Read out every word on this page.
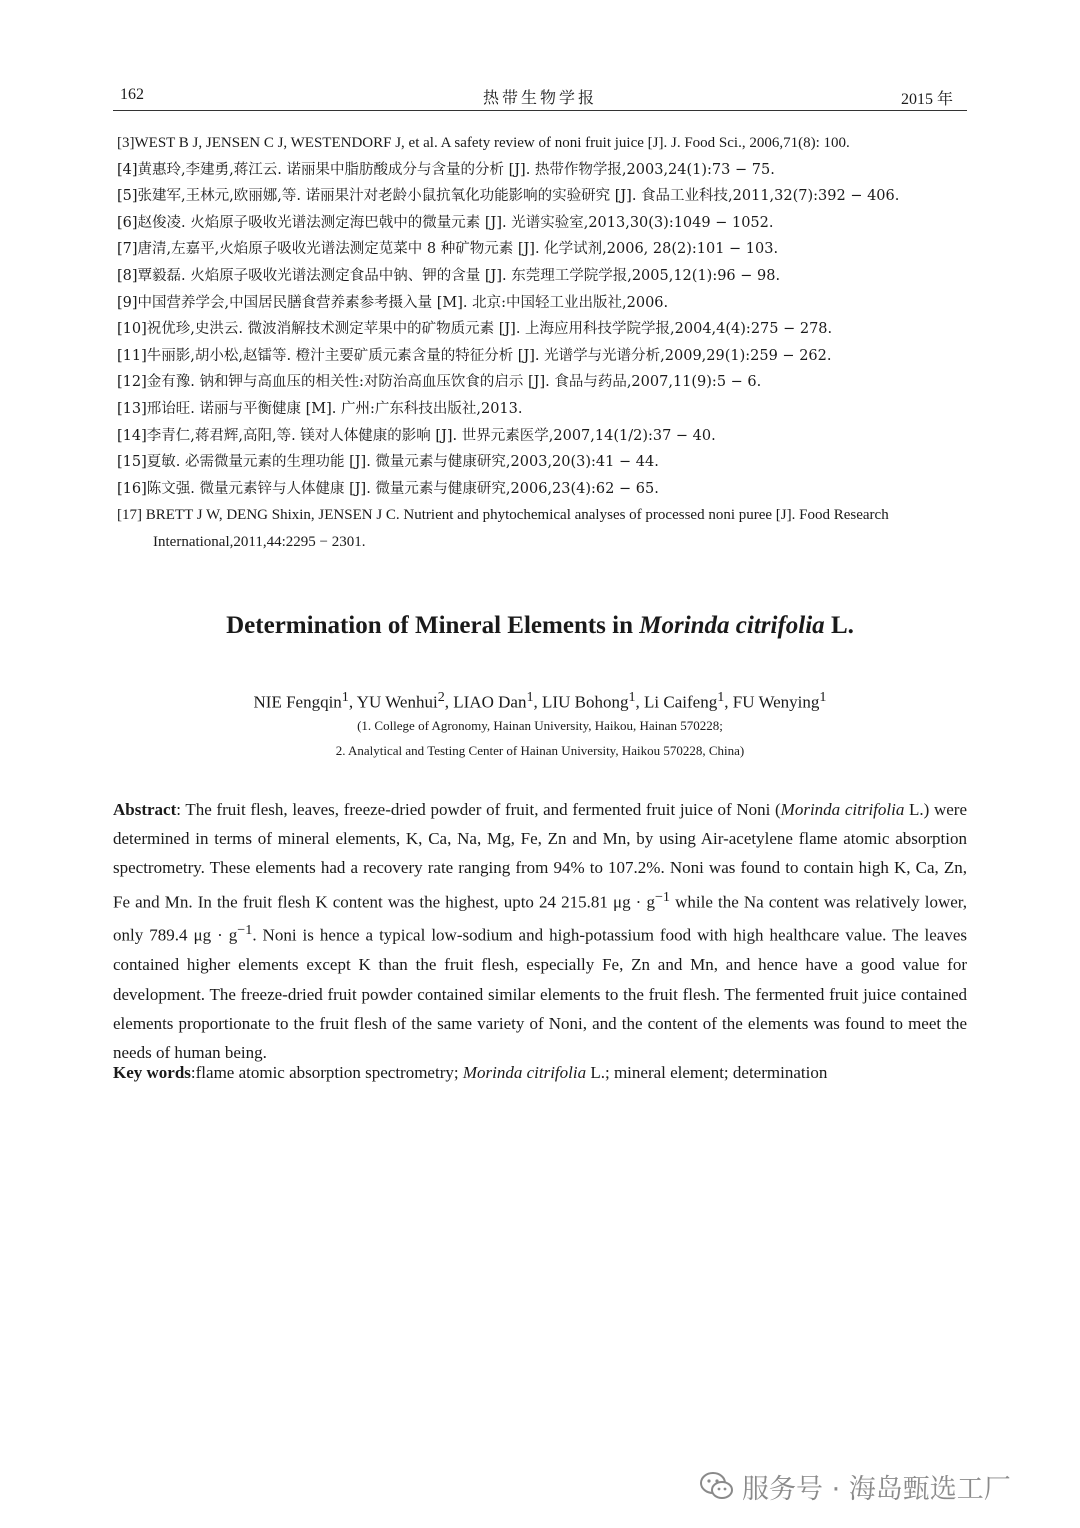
162	热带生物学报	2015 年
[3]WEST B J, JENSEN C J, WESTENDORF J, et al. A safety review of noni fruit juice [J]. J. Food Sci., 2006,71(8): 100.
[4]黄惠玲,李建勇,蒋江云. 诺丽果中脂肪酸成分与含量的分析 [J]. 热带作物学报,2003,24(1):73 − 75.
[5]张建军,王林元,欧丽娜,等. 诺丽果汁对老龄小鼠抗氧化功能影响的实验研究 [J]. 食品工业科技,2011,32(7):392 − 406.
[6]赵俊凌. 火焰原子吸收光谱法测定海巴戟中的微量元素 [J]. 光谱实验室,2013,30(3):1049 − 1052.
[7]唐清,左嘉平,火焰原子吸收光谱法测定苋菜中 8 种矿物元素 [J]. 化学试剂,2006, 28(2):101 − 103.
[8]覃毅磊. 火焰原子吸收光谱法测定食品中钠、钾的含量 [J]. 东莞理工学院学报,2005,12(1):96 − 98.
[9]中国营养学会,中国居民膳食营养素参考摄入量 [M]. 北京:中国轻工业出版社,2006.
[10]祝优珍,史洪云. 微波消解技术测定苹果中的矿物质元素 [J]. 上海应用科技学院学报,2004,4(4):275 − 278.
[11]牛丽影,胡小松,赵镭等. 橙汁主要矿质元素含量的特征分析 [J]. 光谱学与光谱分析,2009,29(1):259 − 262.
[12]金有豫. 钠和钾与高血压的相关性:对防治高血压饮食的启示 [J]. 食品与药品,2007,11(9):5 − 6.
[13]邢诒旺. 诺丽与平衡健康 [M]. 广州:广东科技出版社,2013.
[14]李青仁,蒋君辉,高阳,等. 镁对人体健康的影响 [J]. 世界元素医学,2007,14(1/2):37 − 40.
[15]夏敏. 必需微量元素的生理功能 [J]. 微量元素与健康研究,2003,20(3):41 − 44.
[16]陈文强. 微量元素锌与人体健康 [J]. 微量元素与健康研究,2006,23(4):62 − 65.
[17] BRETT J W, DENG Shixin, JENSEN J C. Nutrient and phytochemical analyses of processed noni puree [J]. Food Research
International,2011,44:2295 − 2301.
Determination of Mineral Elements in Morinda citrifolia L.
NIE Fengqin$^1$, YU Wenhui$^2$, LIAO Dan$^1$, LIU Bohong$^1$, Li Caifeng$^1$, FU Wenying$^1$
(1. College of Agronomy, Hainan University, Haikou, Hainan 570228;
2. Analytical and Testing Center of Hainan University, Haikou 570228, China)
Abstract: The fruit flesh, leaves, freeze-dried powder of fruit, and fermented fruit juice of Noni (Morinda citrifolia L.) were determined in terms of mineral elements, K, Ca, Na, Mg, Fe, Zn and Mn, by using Air-acetylene flame atomic absorption spectrometry. These elements had a recovery rate ranging from 94% to 107.2%. Noni was found to contain high K, Ca, Zn, Fe and Mn. In the fruit flesh K content was the highest, upto 24 215.81 $\mu g \cdot g^{-1}$ while the Na content was relatively lower, only 789.4 $\mu g \cdot g^{-1}$. Noni is hence a typical low-sodium and high-potassium food with high healthcare value. The leaves contained higher elements except K than the fruit flesh, especially Fe, Zn and Mn, and hence have a good value for development. The freeze-dried fruit powder contained similar elements to the fruit flesh. The fermented fruit juice contained elements proportionate to the fruit flesh of the same variety of Noni, and the content of the elements was found to meet the needs of human being.
Key words:flame atomic absorption spectrometry; Morinda citrifolia L.; mineral element; determination
服务号 · 海岛甄选工厂
